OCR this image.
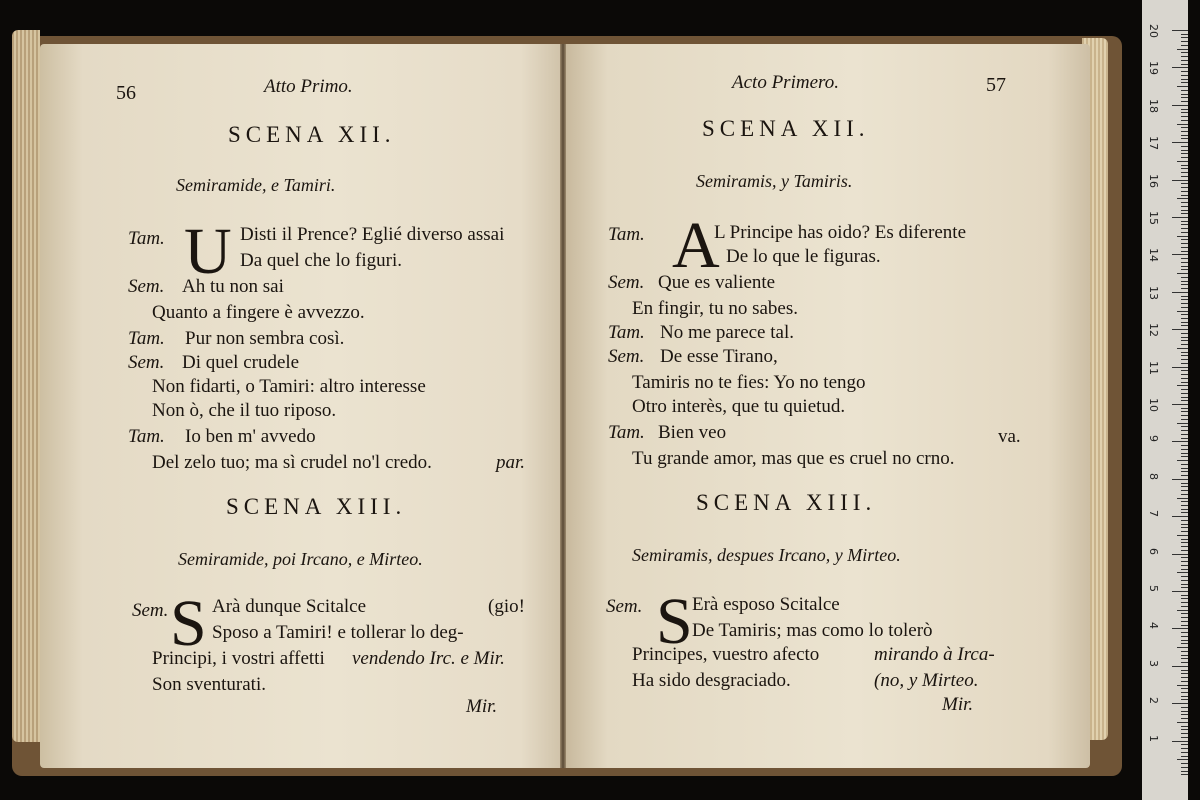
56	Atto Primo.
SCENA XII.
Semiramide, e Tamiri.
U
Tam.	Disti il Prence? Eglié diverso assai
Da quel che lo figuri.
Sem. Ah tu non sai
Quanto a fingere è avvezzo.
Tam. Pur non sembra così.
Sem. Di quel crudele
Non fidarti, o Tamiri: altro interesse
Non ò, che il tuo riposo.
Tam. Io ben m' avvedo
Del zelo tuo; ma sì crudel no'l credo.	par.
SCENA XIII.
Semiramide, poi Ircano, e Mirteo.
S
Sem. Arà dunque Scitalce	(gio!
Sposo a Tamiri! e tollerar lo deg-
Principi, i vostri affetti vendendo Irc. e Mir.
Son sventurati.
Mir.
Acto Primero.	57
SCENA XII.
Semiramis, y Tamiris.
A
Tam.	L Principe has oido? Es diferente
De lo que le figuras.
Sem. Que es valiente
En fingir, tu no sabes.
Tam. No me parece tal.
Sem. De esse Tirano,
Tamiris no te fies: Yo no tengo
Otro interès, que tu quietud.
Tam. Bien veo	va.
Tu grande amor, mas que es cruel no crno.
SCENA XIII.
Semiramis, despues Ircano, y Mirteo.
S
Sem.	Erà esposo Scitalce
De Tamiris; mas como lo tolerò
Principes, vuestro afecto	mirando à Irca-
Ha sido desgraciado.	(no, y Mirteo.
Mir.
20
19
18
17
16
15
14
13
12
11
10
9
8
7
6
5
4
3
2
1
